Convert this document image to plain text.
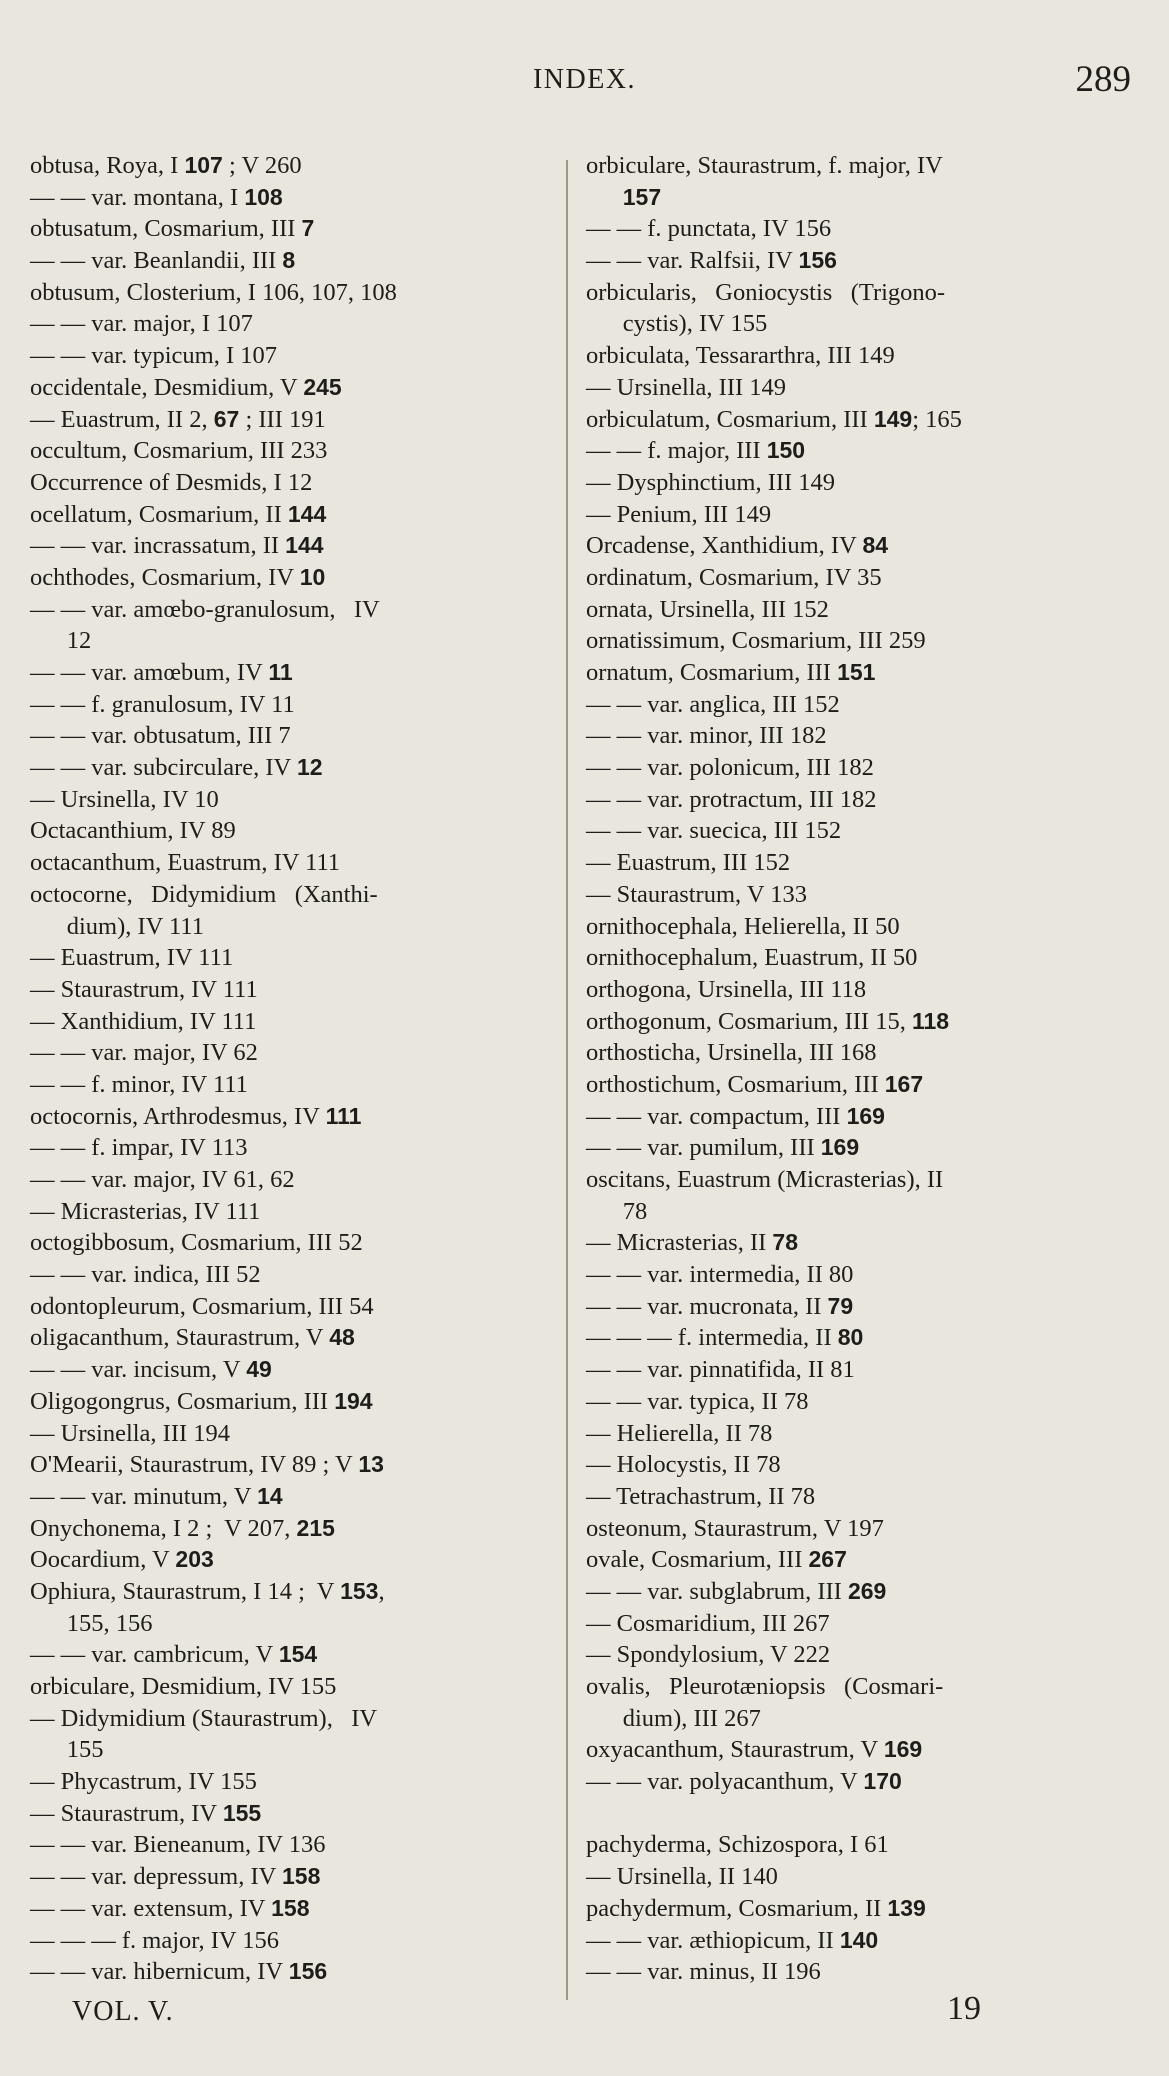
INDEX.	289
obtusa, Roya, I 107 ; V 260
— — var. montana, I 108
obtusatum, Cosmarium, III 7
— — var. Beanlandii, III 8
obtusum, Closterium, I 106, 107, 108
— — var. major, I 107
— — var. typicum, I 107
occidentale, Desmidium, V 245
— Euastrum, II 2, 67 ; III 191
occultum, Cosmarium, III 233
Occurrence of Desmids, I 12
ocellatum, Cosmarium, II 144
— — var. incrassatum, II 144
ochthodes, Cosmarium, IV 10
— — var. amœbo-granulosum,   IV
12
— — var. amœbum, IV 11
— — f. granulosum, IV 11
— — var. obtusatum, III 7
— — var. subcirculare, IV 12
— Ursinella, IV 10
Octacanthium, IV 89
octacanthum, Euastrum, IV 111
octocorne,   Didymidium   (Xanthi-
dium), IV 111
— Euastrum, IV 111
— Staurastrum, IV 111
— Xanthidium, IV 111
— — var. major, IV 62
— — f. minor, IV 111
octocornis, Arthrodesmus, IV 111
— — f. impar, IV 113
— — var. major, IV 61, 62
— Micrasterias, IV 111
octogibbosum, Cosmarium, III 52
— — var. indica, III 52
odontopleurum, Cosmarium, III 54
oligacanthum, Staurastrum, V 48
— — var. incisum, V 49
Oligogongrus, Cosmarium, III 194
— Ursinella, III 194
O'Mearii, Staurastrum, IV 89 ; V 13
— — var. minutum, V 14
Onychonema, I 2 ;  V 207, 215
Oocardium, V 203
Ophiura, Staurastrum, I 14 ;  V 153,
155, 156
— — var. cambricum, V 154
orbiculare, Desmidium, IV 155
— Didymidium (Staurastrum),   IV
155
— Phycastrum, IV 155
— Staurastrum, IV 155
— — var. Bieneanum, IV 136
— — var. depressum, IV 158
— — var. extensum, IV 158
— — — f. major, IV 156
— — var. hibernicum, IV 156
orbiculare, Staurastrum, f. major, IV
157
— — f. punctata, IV 156
— — var. Ralfsii, IV 156
orbicularis,   Goniocystis   (Trigono-
cystis), IV 155
orbiculata, Tessararthra, III 149
— Ursinella, III 149
orbiculatum, Cosmarium, III 149; 165
— — f. major, III 150
— Dysphinctium, III 149
— Penium, III 149
Orcadense, Xanthidium, IV 84
ordinatum, Cosmarium, IV 35
ornata, Ursinella, III 152
ornatissimum, Cosmarium, III 259
ornatum, Cosmarium, III 151
— — var. anglica, III 152
— — var. minor, III 182
— — var. polonicum, III 182
— — var. protractum, III 182
— — var. suecica, III 152
— Euastrum, III 152
— Staurastrum, V 133
ornithocephala, Helierella, II 50
ornithocephalum, Euastrum, II 50
orthogona, Ursinella, III 118
orthogonum, Cosmarium, III 15, 118
orthosticha, Ursinella, III 168
orthostichum, Cosmarium, III 167
— — var. compactum, III 169
— — var. pumilum, III 169
oscitans, Euastrum (Micrasterias), II
78
— Micrasterias, II 78
— — var. intermedia, II 80
— — var. mucronata, II 79
— — — f. intermedia, II 80
— — var. pinnatifida, II 81
— — var. typica, II 78
— Helierella, II 78
— Holocystis, II 78
— Tetrachastrum, II 78
osteonum, Staurastrum, V 197
ovale, Cosmarium, III 267
— — var. subglabrum, III 269
— Cosmaridium, III 267
— Spondylosium, V 222
ovalis,   Pleurotæniopsis   (Cosmari-
dium), III 267
oxyacanthum, Staurastrum, V 169
— — var. polyacanthum, V 170
pachyderma, Schizospora, I 61
— Ursinella, II 140
pachydermum, Cosmarium, II 139
— — var. æthiopicum, II 140
— — var. minus, II 196
VOL. V.	19
